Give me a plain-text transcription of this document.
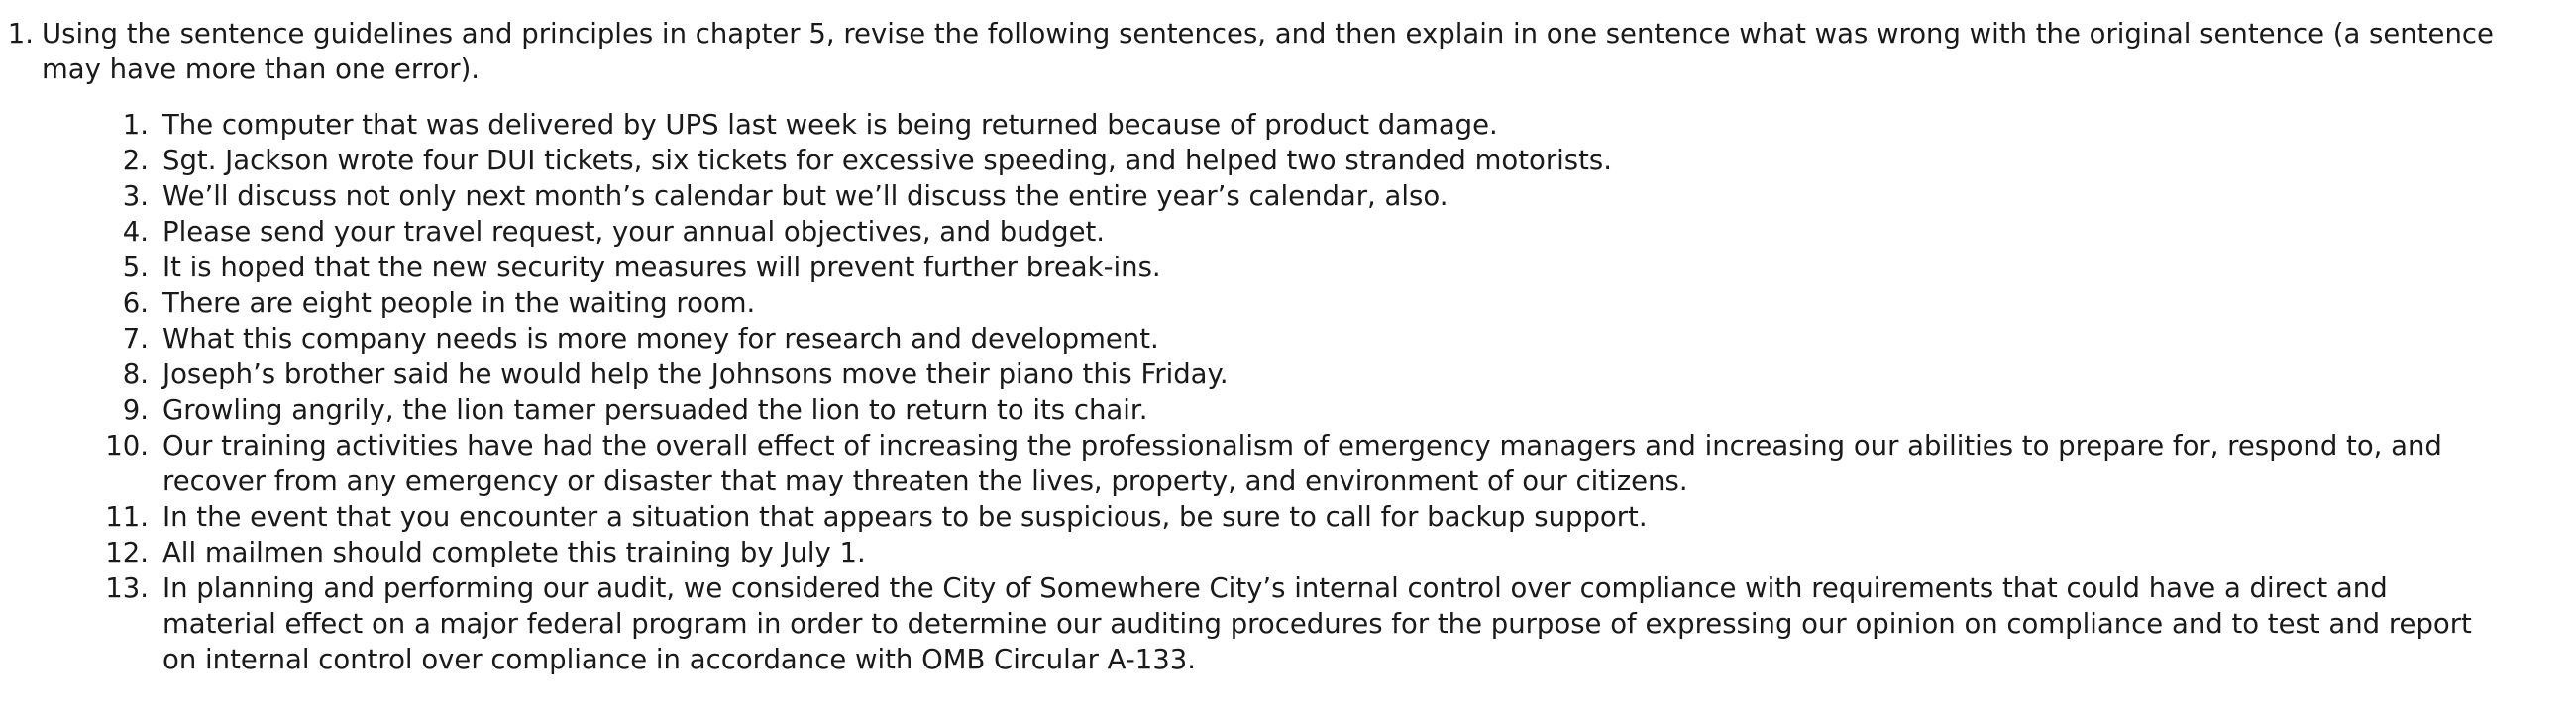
1. Using the sentence guidelines and principles in chapter 5, revise the following sentences, and then explain in one sentence what was wrong with the original sentence (a sentence may have more than one error).
1. The computer that was delivered by UPS last week is being returned because of product damage.
2. Sgt. Jackson wrote four DUI tickets, six tickets for excessive speeding, and helped two stranded motorists.
3. We’ll discuss not only next month’s calendar but we’ll discuss the entire year’s calendar, also.
4. Please send your travel request, your annual objectives, and budget.
5. It is hoped that the new security measures will prevent further break-ins.
6. There are eight people in the waiting room.
7. What this company needs is more money for research and development.
8. Joseph’s brother said he would help the Johnsons move their piano this Friday.
9. Growling angrily, the lion tamer persuaded the lion to return to its chair.
10. Our training activities have had the overall effect of increasing the professionalism of emergency managers and increasing our abilities to prepare for, respond to, and recover from any emergency or disaster that may threaten the lives, property, and environment of our citizens.
11. In the event that you encounter a situation that appears to be suspicious, be sure to call for backup support.
12. All mailmen should complete this training by July 1.
13. In planning and performing our audit, we considered the City of Somewhere City’s internal control over compliance with requirements that could have a direct and material effect on a major federal program in order to determine our auditing procedures for the purpose of expressing our opinion on compliance and to test and report on internal control over compliance in accordance with OMB Circular A-133.
